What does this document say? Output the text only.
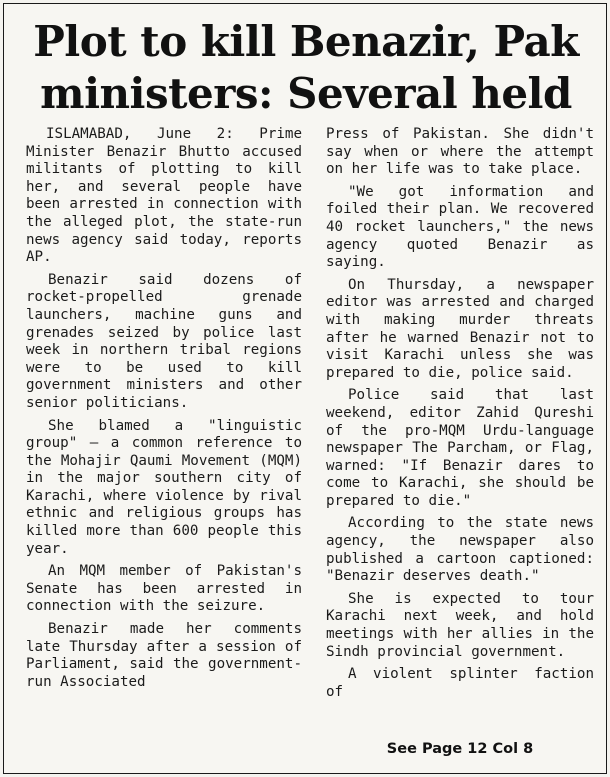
Plot to kill Benazir, Pak
ministers: Several held

ISLAMABAD, June 2: Prime Minister Benazir Bhutto accused militants of plotting to kill her, and several people have been arrested in connection with the alleged plot, the state-run news agency said today, reports AP.

Benazir said dozens of rocket-propelled grenade launchers, machine guns and grenades seized by police last week in northern tribal regions were to be used to kill government ministers and other senior politicians.

She blamed a "linguistic group" — a common reference to the Mohajir Qaumi Movement (MQM) in the major southern city of Karachi, where violence by rival ethnic and religious groups has killed more than 600 people this year.

An MQM member of Pakistan's Senate has been arrested in connection with the seizure.

Benazir made her comments late Thursday after a session of Parliament, said the government-run Associated

Press of Pakistan. She didn't say when or where the attempt on her life was to take place.

"We got information and foiled their plan. We recovered 40 rocket launchers," the news agency quoted Benazir as saying.

On Thursday, a newspaper editor was arrested and charged with making murder threats after he warned Benazir not to visit Karachi unless she was prepared to die, police said.

Police said that last weekend, editor Zahid Qureshi of the pro-MQM Urdu-language newspaper The Parcham, or Flag, warned: "If Benazir dares to come to Karachi, she should be prepared to die."

According to the state news agency, the newspaper also published a cartoon captioned: "Benazir deserves death."

She is expected to tour Karachi next week, and hold meetings with her allies in the Sindh provincial government.

A violent splinter faction of

See Page 12 Col 8
